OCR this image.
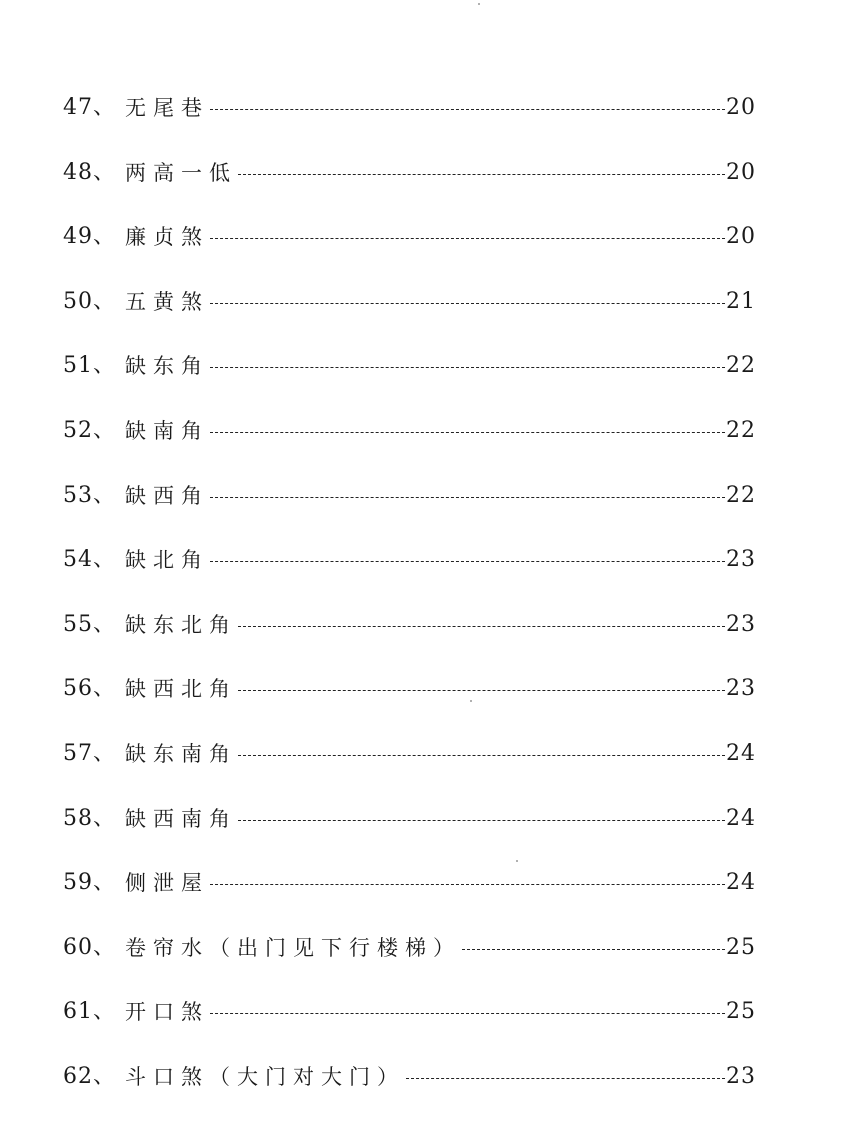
47 、 无尾巷	20
48 、 两高一低	20
49 、 廉贞煞	20
50 、 五黄煞	21
51 、 缺东角	22
52 、 缺南角	22
53 、 缺西角	22
54 、 缺北角	23
55 、 缺东北角	23
56 、 缺西北角	23
57 、 缺东南角	24
58 、 缺西南角	24
59 、 侧泄屋	24
60 、 卷帘水（出门见下行楼梯）	25
61 、 开口煞	25
62 、 斗口煞（大门对大门）	23
